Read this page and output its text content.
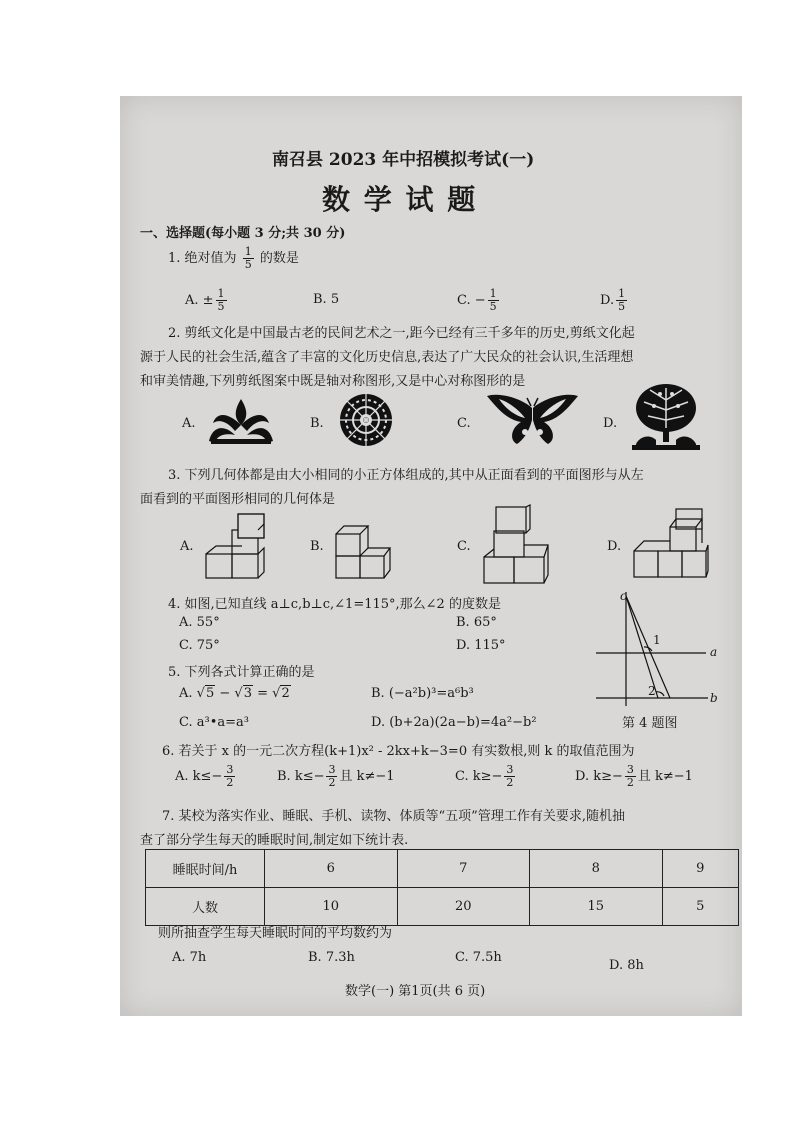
南召县 2023 年中招模拟考试(一)
数 学 试 题
一、选择题(每小题 3 分;共 30 分)
1. 绝对值为 $\frac{1}{5}$ 的数是
A. ± $\frac{1}{5}$	B. 5	C. − $\frac{1}{5}$	D. $\frac{1}{5}$
2. 剪纸文化是中国最古老的民间艺术之一,距今已经有三千多年的历史,剪纸文化起
源于人民的社会生活,蕴含了丰富的文化历史信息,表达了广大民众的社会认识,生活理想
和审美情趣,下列剪纸图案中既是轴对称图形,又是中心对称图形的是
A.	B.	C.	D.
3. 下列几何体都是由大小相同的小正方体组成的,其中从正面看到的平面图形与从左
面看到的平面图形相同的几何体是
A.	B.	C.	D.
4. 如图,已知直线 a⊥c,b⊥c,∠1=115°,那么∠2 的度数是
A. 55°	B. 65°
C. 75°	D. 115°
c
a
b
1
2
第 4 题图
5. 下列各式计算正确的是
A. √5 − √3 = √2	B. (−a²b)³=a⁶b³
C. a³•a=a³	D. (b+2a)(2a−b)=4a²−b²
6. 若关于 x 的一元二次方程(k+1)x² - 2kx+k−3=0 有实数根,则 k 的取值范围为
A. $k\le- \frac{3}{2}$	B. $k\le- \frac{3}{2}$ 且 k≠−1	C. $k\ge- \frac{3}{2}$	D. $k\ge- \frac{3}{2}$ 且 k≠−1
7. 某校为落实作业、睡眠、手机、读物、体质等“五项”管理工作有关要求,随机抽
查了部分学生每天的睡眠时间,制定如下统计表.
睡眠时间/h	6	7	8	9
人数	10	20	15	5
则所抽查学生每天睡眠时间的平均数约为
A. 7h	B. 7.3h	C. 7.5h
D. 8h
数学(一) 第1页(共 6 页)
